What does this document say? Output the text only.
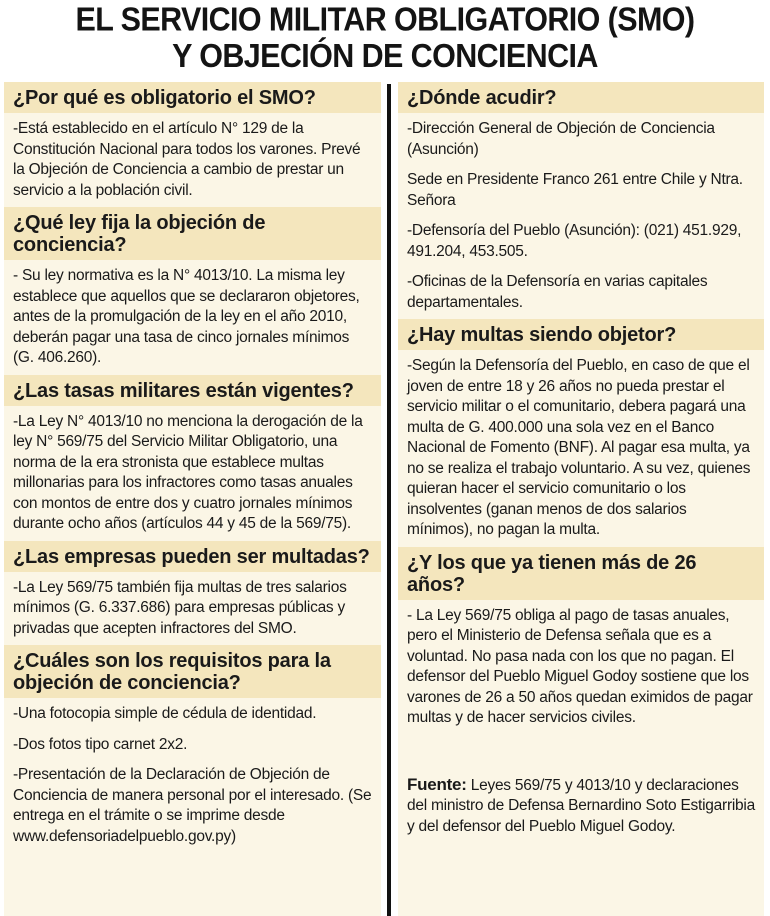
EL SERVICIO MILITAR OBLIGATORIO (SMO)
Y OBJECIÓN DE CONCIENCIA
¿Por qué es obligatorio el SMO?

-Está establecido en el artículo N° 129 de la Constitución Nacional para todos los varones. Prevé la Objeción de Conciencia a cambio de prestar un servicio a la población civil.

¿Qué ley fija la objeción de conciencia?

- Su ley normativa es la N° 4013/10. La misma ley establece que aquellos que se declararon objetores, antes de la promulgación de la ley en el año 2010, deberán pagar una tasa de cinco jornales mínimos (G. 406.260).

¿Las tasas militares están vigentes?

-La Ley N° 4013/10 no menciona la derogación de la ley N° 569/75 del Servicio Militar Obligatorio, una norma de la era stronista que establece multas millonarias para los infractores como tasas anuales con montos de entre dos y cuatro jornales mínimos durante ocho años (artículos 44 y 45 de la 569/75).

¿Las empresas pueden ser multadas?

-La Ley 569/75 también fija multas de tres salarios mínimos (G. 6.337.686) para empresas públicas y privadas que acepten infractores del SMO.

¿Cuáles son los requisitos para la objeción de conciencia?

-Una fotocopia simple de cédula de identidad.

-Dos fotos tipo carnet 2x2.

-Presentación de la Declaración de Objeción de Conciencia de manera personal por el interesado. (Se entrega en el trámite o se imprime desde www.defensoriadelpueblo.gov.py)

¿Dónde acudir?

-Dirección General de Objeción de Conciencia (Asunción)

Sede en Presidente Franco 261 entre Chile y Ntra. Señora

-Defensoría del Pueblo (Asunción): (021) 451.929, 491.204, 453.505.

-Oficinas de la Defensoría en varias capitales departamentales.

¿Hay multas siendo objetor?

-Según la Defensoría del Pueblo, en caso de que el joven de entre 18 y 26 años no pueda prestar el servicio militar o el comunitario, debera pagará una multa de G. 400.000 una sola vez en el Banco Nacional de Fomento (BNF). Al pagar esa multa, ya no se realiza el trabajo voluntario. A su vez, quienes quieran hacer el servicio comunitario o los insolventes (ganan menos de dos salarios mínimos), no pagan la multa.

¿Y los que ya tienen más de 26 años?

- La Ley 569/75 obliga al pago de tasas anuales, pero el Ministerio de Defensa señala que es a voluntad. No pasa nada con los que no pagan. El defensor del Pueblo Miguel Godoy sostiene que los varones de 26 a 50 años quedan eximidos de pagar multas y de hacer servicios civiles.

Fuente: Leyes 569/75 y 4013/10 y declaraciones del ministro de Defensa Bernardino Soto Estigarribia y del defensor del Pueblo Miguel Godoy.
